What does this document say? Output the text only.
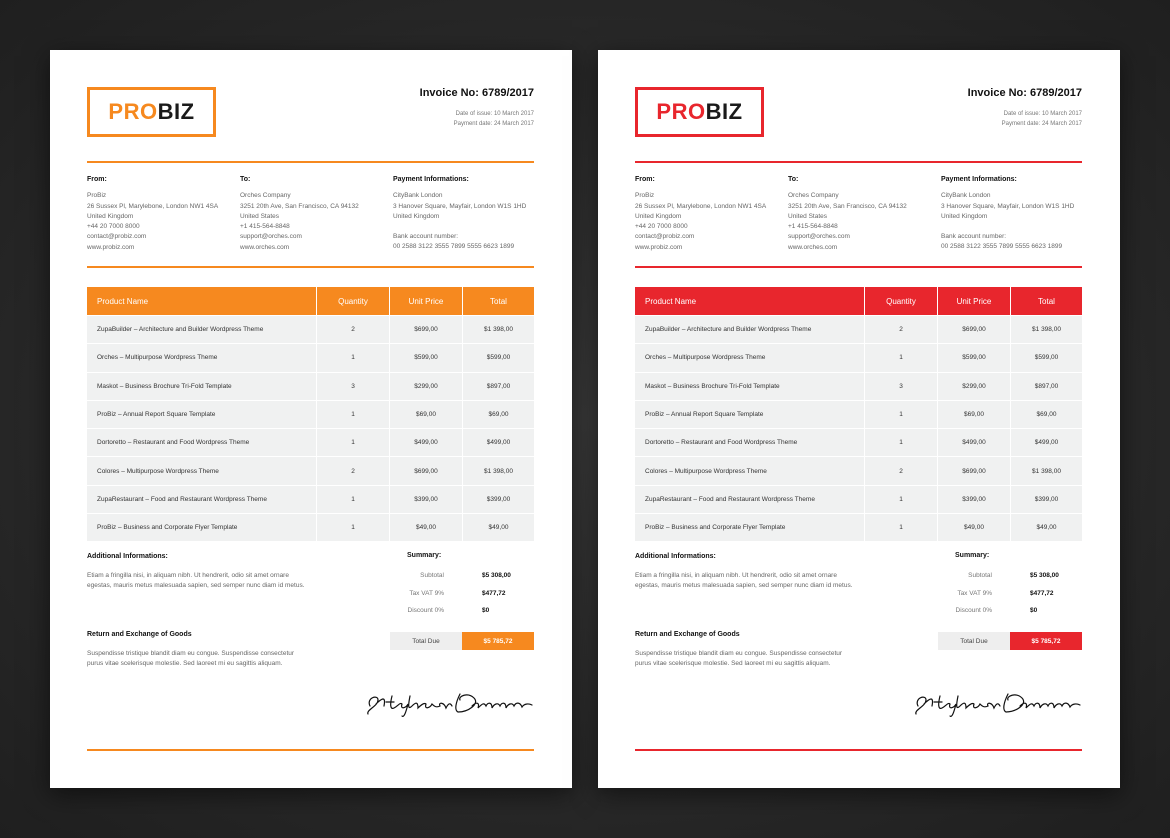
PRO BIZ
Invoice No: 6789/2017
Date of issue: 10 March 2017
Payment date: 24 March 2017
From:
ProBiz
26 Sussex Pl, Marylebone, London NW1 4SA
United Kingdom
+44 20 7000 8000
contact@probiz.com
www.probiz.com
To:
Orches Company
3251 20th Ave, San Francisco, CA 94132
United States
+1 415-564-8848
support@orches.com
www.orches.com
Payment Informations:
CityBank London
3 Hanover Square, Mayfair, London W1S 1HD
United Kingdom
Bank account number:
00 2588 3122 3555 7899 5555 6623 1899
Product Name	Quantity	Unit Price	Total
ZupaBuilder – Architecture and Builder Wordpress Theme	2	$699,00	$1 398,00
Orches – Multipurpose Wordpress Theme	1	$599,00	$599,00
Maskot – Business Brochure Tri-Fold Template	3	$299,00	$897,00
ProBiz – Annual Report Square Template	1	$69,00	$69,00
Dortoretto – Restaurant and Food Wordpress Theme	1	$499,00	$499,00
Colores – Multipurpose Wordpress Theme	2	$699,00	$1 398,00
ZupaRestaurant – Food and Restaurant Wordpress Theme	1	$399,00	$399,00
ProBiz – Business and Corporate Flyer Template	1	$49,00	$49,00
Additional Informations:
Etiam a fringilla nisi, in aliquam nibh. Ut hendrerit, odio sit amet ornare egestas, mauris metus malesuada sapien, sed semper nunc diam id metus.
Return and Exchange of Goods
Suspendisse tristique blandit diam eu congue. Suspendisse consectetur purus vitae scelerisque molestie. Sed laoreet mi eu sagittis aliquam.
Summary:
Subtotal	$5 308,00
Tax VAT 9%	$477,72
Discount 0%	$0
Total Due	$5 785,72
PRO BIZ
Invoice No: 6789/2017
Date of issue: 10 March 2017
Payment date: 24 March 2017
From:
ProBiz
26 Sussex Pl, Marylebone, London NW1 4SA
United Kingdom
+44 20 7000 8000
contact@probiz.com
www.probiz.com
To:
Orches Company
3251 20th Ave, San Francisco, CA 94132
United States
+1 415-564-8848
support@orches.com
www.orches.com
Payment Informations:
CityBank London
3 Hanover Square, Mayfair, London W1S 1HD
United Kingdom
Bank account number:
00 2588 3122 3555 7899 5555 6623 1899
Product Name	Quantity	Unit Price	Total
ZupaBuilder – Architecture and Builder Wordpress Theme	2	$699,00	$1 398,00
Orches – Multipurpose Wordpress Theme	1	$599,00	$599,00
Maskot – Business Brochure Tri-Fold Template	3	$299,00	$897,00
ProBiz – Annual Report Square Template	1	$69,00	$69,00
Dortoretto – Restaurant and Food Wordpress Theme	1	$499,00	$499,00
Colores – Multipurpose Wordpress Theme	2	$699,00	$1 398,00
ZupaRestaurant – Food and Restaurant Wordpress Theme	1	$399,00	$399,00
ProBiz – Business and Corporate Flyer Template	1	$49,00	$49,00
Additional Informations:
Etiam a fringilla nisi, in aliquam nibh. Ut hendrerit, odio sit amet ornare egestas, mauris metus malesuada sapien, sed semper nunc diam id metus.
Return and Exchange of Goods
Suspendisse tristique blandit diam eu congue. Suspendisse consectetur purus vitae scelerisque molestie. Sed laoreet mi eu sagittis aliquam.
Summary:
Subtotal	$5 308,00
Tax VAT 9%	$477,72
Discount 0%	$0
Total Due	$5 785,72
